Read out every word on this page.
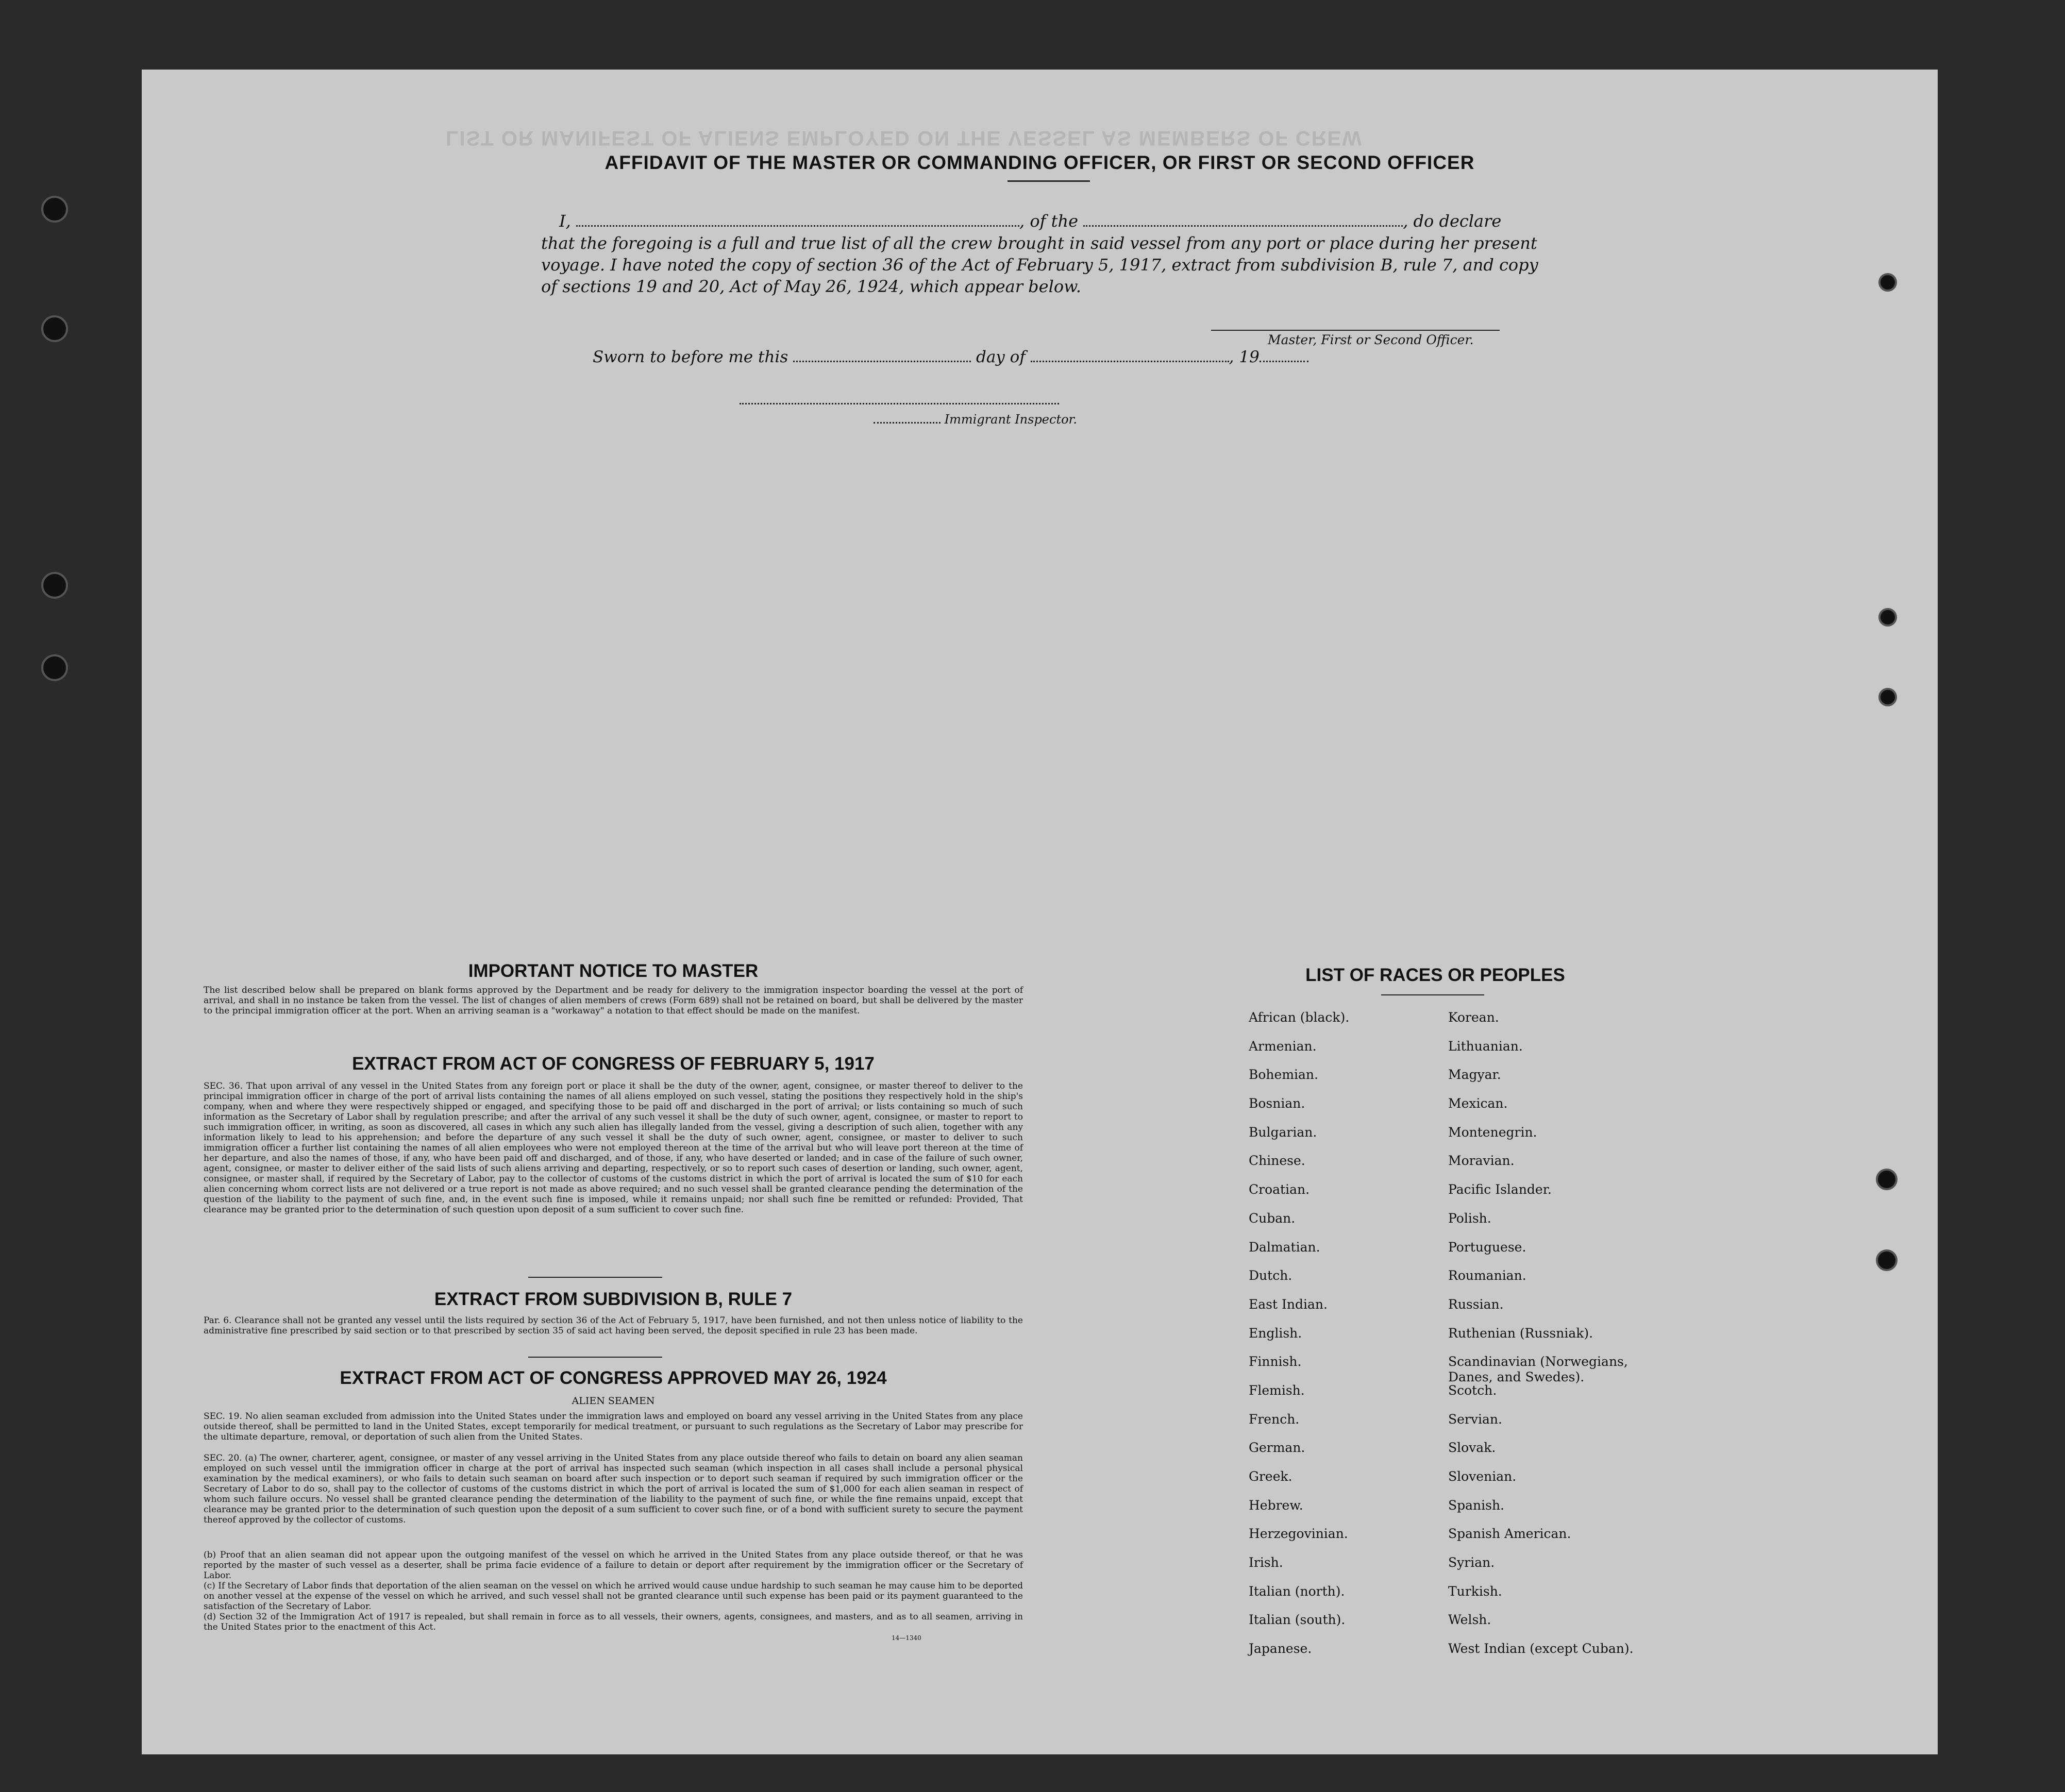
LIST OR MANIFEST OF ALIENS EMPLOYED ON THE VESSEL AS MEMBERS OF CREW
AFFIDAVIT OF THE MASTER OR COMMANDING OFFICER, OR FIRST OR SECOND OFFICER
I,	, of the	, do declare
that the foregoing is a full and true list of all the crew brought in said vessel from any port or place during her present
voyage. I have noted the copy of section 36 of the Act of February 5, 1917, extract from subdivision B, rule 7, and copy
of sections 19 and 20, Act of May 26, 1924, which appear below.
Master, First or Second Officer.
Sworn to before me this	day of	, 19
Immigrant Inspector.
IMPORTANT NOTICE TO MASTER
The list described below shall be prepared on blank forms approved by the Department and be ready for delivery to the immigration inspector boarding the vessel at the port of arrival, and shall in no instance be taken from the vessel. The list of changes of alien members of crews (Form 689) shall not be retained on board, but shall be delivered by the master to the principal immigration officer at the port. When an arriving seaman is a "workaway" a notation to that effect should be made on the manifest.
EXTRACT FROM ACT OF CONGRESS OF FEBRUARY 5, 1917
SEC. 36. That upon arrival of any vessel in the United States from any foreign port or place it shall be the duty of the owner, agent, consignee, or master thereof to deliver to the principal immigration officer in charge of the port of arrival lists containing the names of all aliens employed on such vessel, stating the positions they respectively hold in the ship's company, when and where they were respectively shipped or engaged, and specifying those to be paid off and discharged in the port of arrival; or lists containing so much of such information as the Secretary of Labor shall by regulation prescribe; and after the arrival of any such vessel it shall be the duty of such owner, agent, consignee, or master to report to such immigration officer, in writing, as soon as discovered, all cases in which any such alien has illegally landed from the vessel, giving a description of such alien, together with any information likely to lead to his apprehension; and before the departure of any such vessel it shall be the duty of such owner, agent, consignee, or master to deliver to such immigration officer a further list containing the names of all alien employees who were not employed thereon at the time of the arrival but who will leave port thereon at the time of her departure, and also the names of those, if any, who have been paid off and discharged, and of those, if any, who have deserted or landed; and in case of the failure of such owner, agent, consignee, or master to deliver either of the said lists of such aliens arriving and departing, respectively, or so to report such cases of desertion or landing, such owner, agent, consignee, or master shall, if required by the Secretary of Labor, pay to the collector of customs of the customs district in which the port of arrival is located the sum of $10 for each alien concerning whom correct lists are not delivered or a true report is not made as above required; and no such vessel shall be granted clearance pending the determination of the question of the liability to the payment of such fine, and, in the event such fine is imposed, while it remains unpaid; nor shall such fine be remitted or refunded: Provided, That clearance may be granted prior to the determination of such question upon deposit of a sum sufficient to cover such fine.
EXTRACT FROM SUBDIVISION B, RULE 7
Par. 6. Clearance shall not be granted any vessel until the lists required by section 36 of the Act of February 5, 1917, have been furnished, and not then unless notice of liability to the administrative fine prescribed by said section or to that prescribed by section 35 of said act having been served, the deposit specified in rule 23 has been made.
EXTRACT FROM ACT OF CONGRESS APPROVED MAY 26, 1924
ALIEN SEAMEN
SEC. 19. No alien seaman excluded from admission into the United States under the immigration laws and employed on board any vessel arriving in the United States from any place outside thereof, shall be permitted to land in the United States, except temporarily for medical treatment, or pursuant to such regulations as the Secretary of Labor may prescribe for the ultimate departure, removal, or deportation of such alien from the United States.
SEC. 20. (a) The owner, charterer, agent, consignee, or master of any vessel arriving in the United States from any place outside thereof who fails to detain on board any alien seaman employed on such vessel until the immigration officer in charge at the port of arrival has inspected such seaman (which inspection in all cases shall include a personal physical examination by the medical examiners), or who fails to detain such seaman on board after such inspection or to deport such seaman if required by such immigration officer or the Secretary of Labor to do so, shall pay to the collector of customs of the customs district in which the port of arrival is located the sum of $1,000 for each alien seaman in respect of whom such failure occurs. No vessel shall be granted clearance pending the determination of the liability to the payment of such fine, or while the fine remains unpaid, except that clearance may be granted prior to the determination of such question upon the deposit of a sum sufficient to cover such fine, or of a bond with sufficient surety to secure the payment thereof approved by the collector of customs.
(b) Proof that an alien seaman did not appear upon the outgoing manifest of the vessel on which he arrived in the United States from any place outside thereof, or that he was reported by the master of such vessel as a deserter, shall be prima facie evidence of a failure to detain or deport after requirement by the immigration officer or the Secretary of Labor.
(c) If the Secretary of Labor finds that deportation of the alien seaman on the vessel on which he arrived would cause undue hardship to such seaman he may cause him to be deported on another vessel at the expense of the vessel on which he arrived, and such vessel shall not be granted clearance until such expense has been paid or its payment guaranteed to the satisfaction of the Secretary of Labor.
(d) Section 32 of the Immigration Act of 1917 is repealed, but shall remain in force as to all vessels, their owners, agents, consignees, and masters, and as to all seamen, arriving in the United States prior to the enactment of this Act.
14—1340
LIST OF RACES OR PEOPLES
African (black).
Armenian.
Bohemian.
Bosnian.
Bulgarian.
Chinese.
Croatian.
Cuban.
Dalmatian.
Dutch.
East Indian.
English.
Finnish.
Flemish.
French.
German.
Greek.
Hebrew.
Herzegovinian.
Irish.
Italian (north).
Italian (south).
Japanese.
Korean.
Lithuanian.
Magyar.
Mexican.
Montenegrin.
Moravian.
Pacific Islander.
Polish.
Portuguese.
Roumanian.
Russian.
Ruthenian (Russniak).
Scandinavian (Norwegians, Danes, and Swedes).
Scotch.
Servian.
Slovak.
Slovenian.
Spanish.
Spanish American.
Syrian.
Turkish.
Welsh.
West Indian (except Cuban).
